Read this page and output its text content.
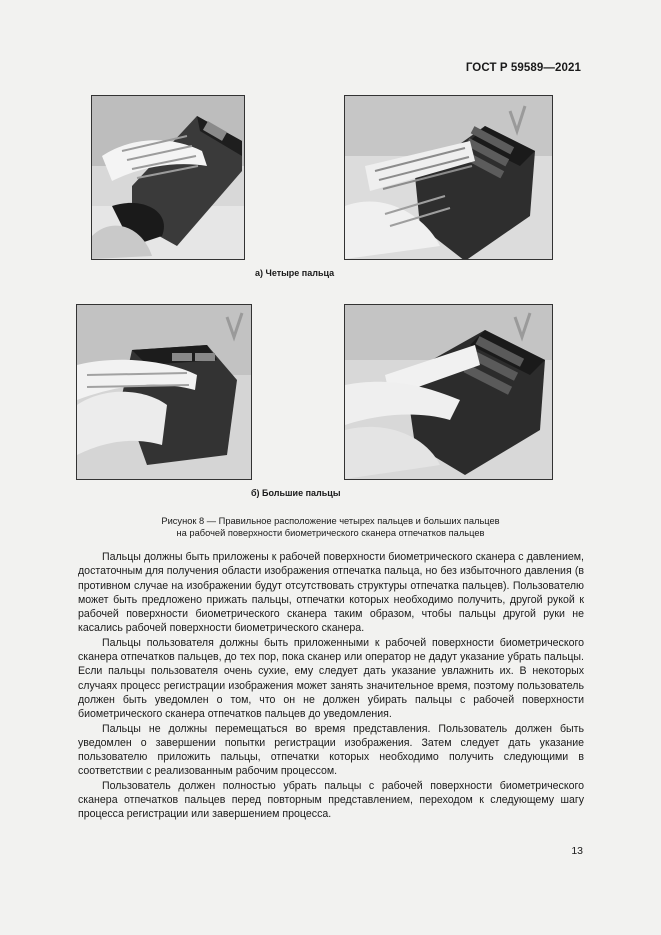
ГОСТ Р 59589—2021
а) Четыре пальца
б) Большие пальцы
Рисунок 8 — Правильное расположение четырех пальцев и больших пальцев
на рабочей поверхности биометрического сканера отпечатков пальцев

Пальцы должны быть приложены к рабочей поверхности биометрического сканера с давлением, достаточным для получения области изображения отпечатка пальца, но без избыточного давления (в противном случае на изображении будут отсутствовать структуры отпечатка пальцев). Пользователю может быть предложено прижать пальцы, отпечатки которых необходимо получить, другой рукой к рабочей поверхности биометрического сканера таким образом, чтобы пальцы другой руки не касались рабочей поверхности биометрического сканера.

Пальцы пользователя должны быть приложенными к рабочей поверхности биометрического сканера отпечатков пальцев, до тех пор, пока сканер или оператор не дадут указание убрать пальцы. Если пальцы пользователя очень сухие, ему следует дать указание увлажнить их. В некоторых случаях процесс регистрации изображения может занять значительное время, поэтому пользователь должен быть уведомлен о том, что он не должен убирать пальцы с рабочей поверхности биометрического сканера отпечатков пальцев до уведомления.

Пальцы не должны перемещаться во время представления. Пользователь должен быть уведомлен о завершении попытки регистрации изображения. Затем следует дать указание пользователю приложить пальцы, отпечатки которых необходимо получить следующими в соответствии с реализованным рабочим процессом.

Пользователь должен полностью убрать пальцы с рабочей поверхности биометрического сканера отпечатков пальцев перед повторным представлением, переходом к следующему шагу процесса регистрации или завершением процесса.

13
